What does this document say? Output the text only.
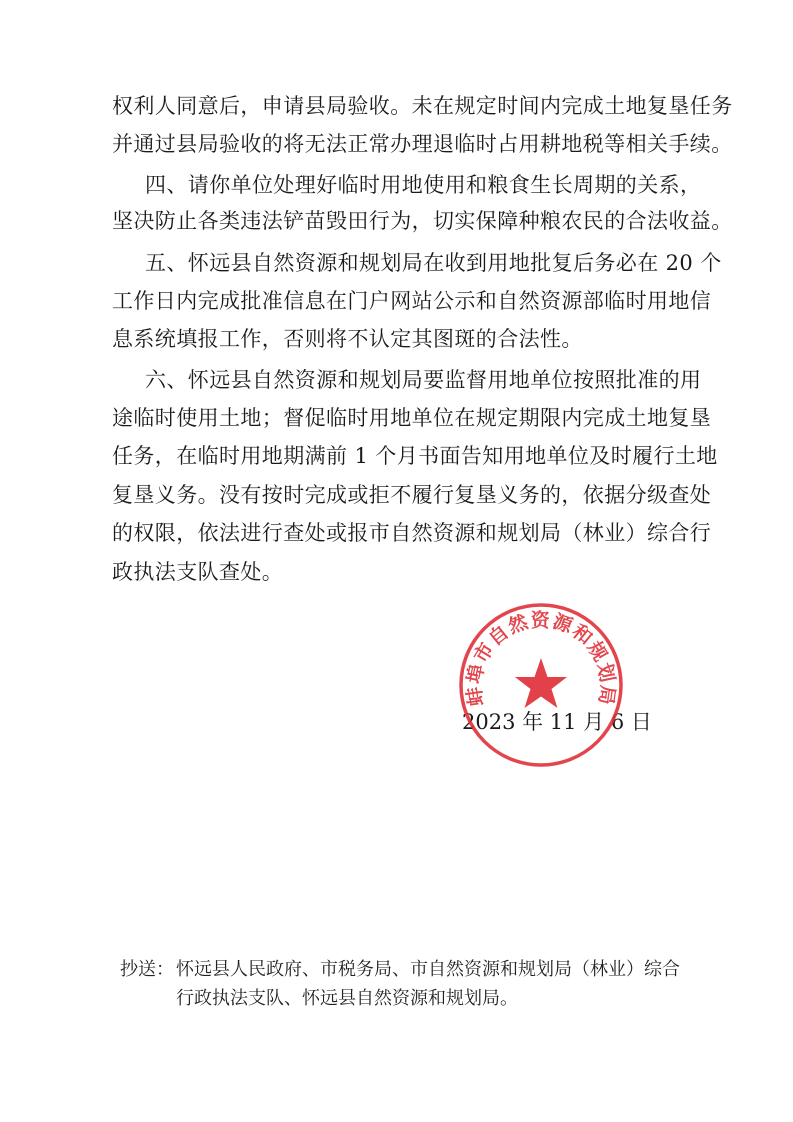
权利人同意后，申请县局验收。未在规定时间内完成土地复垦任务
并通过县局验收的将无法正常办理退临时占用耕地税等相关手续。
四、请你单位处理好临时用地使用和粮食生长周期的关系，
坚决防止各类违法铲苗毁田行为，切实保障种粮农民的合法收益。
五、怀远县自然资源和规划局在收到用地批复后务必在 20 个
工作日内完成批准信息在门户网站公示和自然资源部临时用地信
息系统填报工作，否则将不认定其图斑的合法性。
六、怀远县自然资源和规划局要监督用地单位按照批准的用
途临时使用土地；督促临时用地单位在规定期限内完成土地复垦
任务，在临时用地期满前 1 个月书面告知用地单位及时履行土地
复垦义务。没有按时完成或拒不履行复垦义务的，依据分级查处
的权限，依法进行查处或报市自然资源和规划局（林业）综合行
政执法支队查处。
2023 年 11 月 6 日
蚌埠市自然资源和规划局
抄送： 怀远县人民政府、市税务局、市自然资源和规划局（林业）综合
行政执法支队、怀远县自然资源和规划局。
